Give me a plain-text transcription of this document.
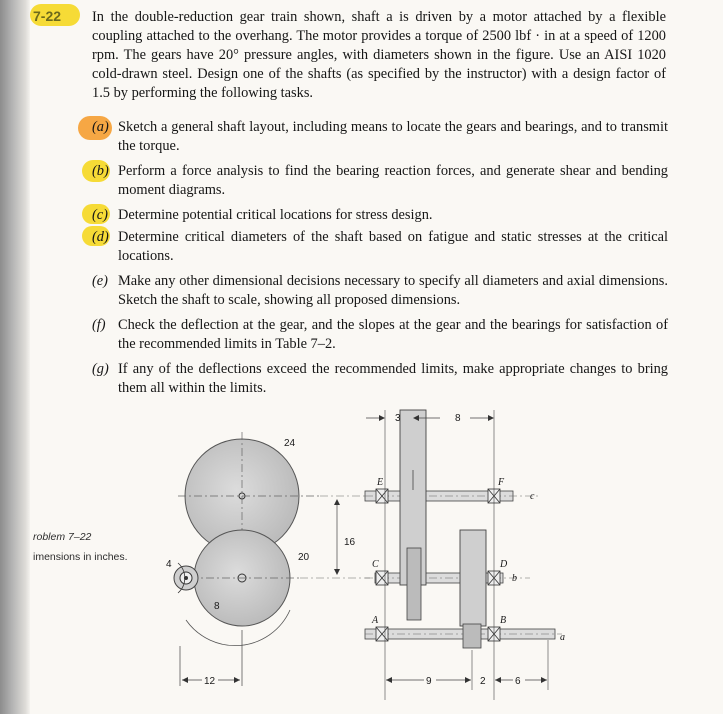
7-22 In the double-reduction gear train shown, shaft a is driven by a motor attached by a flexible coupling attached to the overhang. The motor provides a torque of 2500 lbf · in at a speed of 1200 rpm. The gears have 20° pressure angles, with diameters shown in the figure. Use an AISI 1020 cold-drawn steel. Design one of the shafts (as specified by the instructor) with a design factor of 1.5 by performing the following tasks.
(a) Sketch a general shaft layout, including means to locate the gears and bearings, and to transmit the torque.
(b) Perform a force analysis to find the bearing reaction forces, and generate shear and bending moment diagrams.
(c) Determine potential critical locations for stress design.
(d) Determine critical diameters of the shaft based on fatigue and static stresses at the critical locations.
(e) Make any other dimensional decisions necessary to specify all diameters and axial dimensions. Sketch the shaft to scale, showing all proposed dimensions.
(f) Check the deflection at the gear, and the slopes at the gear and the bearings for satisfaction of the recommended limits in Table 7–2.
(g) If any of the deflections exceed the recommended limits, make appropriate changes to bring them all within the limits.
roblem 7–22
imensions in inches.
24
20
8
4
12
16
E	F
C	D
A	B
a
b
c
3	8
9	2	6
